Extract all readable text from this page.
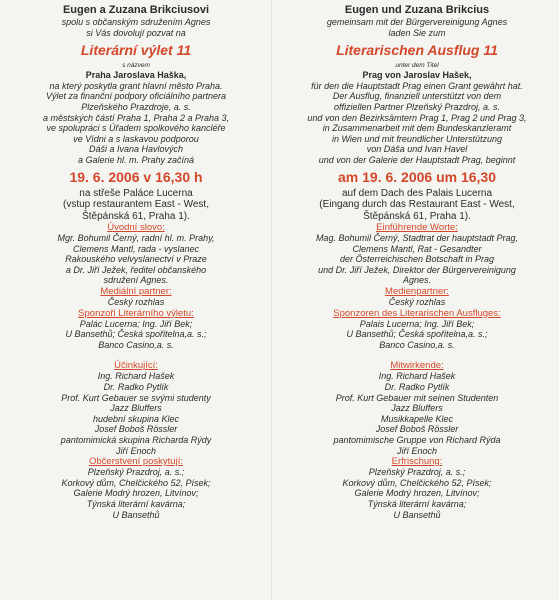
Eugen a Zuzana Brikciusovi
spolu s občanským sdružením Agnes
si Vás dovolují pozvat na
Literární výlet 11
s názvem
Praha Jaroslava Haška,
na který poskytla grant hlavní město Praha.
Výlet za finanční podpory oficiálního partnera
Plzeňského Prazdroje, a. s.
a městských částí Praha 1, Praha 2 a Praha 3,
ve spolupráci s Úřadem spolkového kancléře
ve Vídni a s laskavou podporou
Dáši a Ivana Havlových
a Galerie hl. m. Prahy začíná
19. 6. 2006 v 16,30 h
na střeše Paláce Lucerna
(vstup restaurantem East - West,
Štěpánská 61, Praha 1).
Úvodní slovo:
Mgr. Bohumil Černý, radní hl. m. Prahy,
Clemens Mantl, rada - vyslanec
Rakouského velvyslanectví v Praze
a Dr. Jiří Ježek, ředitel občanského
sdružení Agnes.
Mediální partner:
Český rozhlas
Sponzoři Literárního výletu:
Palác Lucerna; Ing. Jiří Bek;
U Bansethů; Česká spořitelna,a. s.;
Banco Casino,a. s.
Účinkující:
Ing. Richard Hašek
Dr. Radko Pytlík
Prof. Kurt Gebauer se svými studenty
Jazz Bluffers
hudební skupina Klec
Josef Boboš Rössler
pantomimická skupina Richarda Rýdy
Jiří Enoch
Občerstvení poskytují:
Plzeňský Prazdroj, a. s.;
Korkový dům, Chelčického 52, Písek;
Galerie Modrý hrozen, Litvínov;
Týnská literární kavárna;
U Bansethů
Eugen und Zuzana Brikcius
gemeinsam mit der Bürgervereinigung Agnes
laden Sie zum
Literarischen Ausflug 11
unter dem Titel
Prag von Jaroslav Hašek,
für den die Hauptstadt Prag einen Grant gewährt hat.
Der Ausflug, finanziell unterstützt von dem
offiziellen Partner Plzeňský Prazdroj, a. s.
und von den Bezirksämtern Prag 1, Prag 2 und Prag 3,
in Zusammenarbeit mit dem Bundeskanzleramt
in Wien und mit freundlicher Unterstützung
von Dáša und Ivan Havel
und von der Galerie der Hauptstadt Prag, beginnt
am 19. 6. 2006 um 16,30
auf dem Dach des Palais Lucerna
(Eingang durch das Restaurant East - West,
Štěpánská 61, Praha 1).
Einführende Worte:
Mag. Bohumil Černý, Stadtrat der hauptstadt Prag,
Clemens Mantl, Rat - Gesandter
der Österreichischen Botschaft in Prag
und Dr. Jiří Ježek, Direktor der Bürgervereinigung
Agnes.
Medienpartner:
Český rozhlas
Sponzoren des Literarischen Ausfluges:
Palais Lucerna; Ing. Jiří Bek;
U Bansethů; Česká spořitelna,a. s.;
Banco Casino,a. s.
Mitwirkende:
Ing. Richard Hašek
Dr. Radko Pytlík
Prof. Kurt Gebauer mit seinen Studenten
Jazz Bluffers
Musikkapelle Klec
Josef Boboš Rössler
pantomimische Gruppe von Richard Rýda
Jiří Enoch
Erfrischung:
Plzeňský Prazdroj, a. s.;
Korkový dům, Chelčického 52, Písek;
Galerie Modrý hrozen, Litvínov;
Týnská literární kavárna;
U Bansethů
